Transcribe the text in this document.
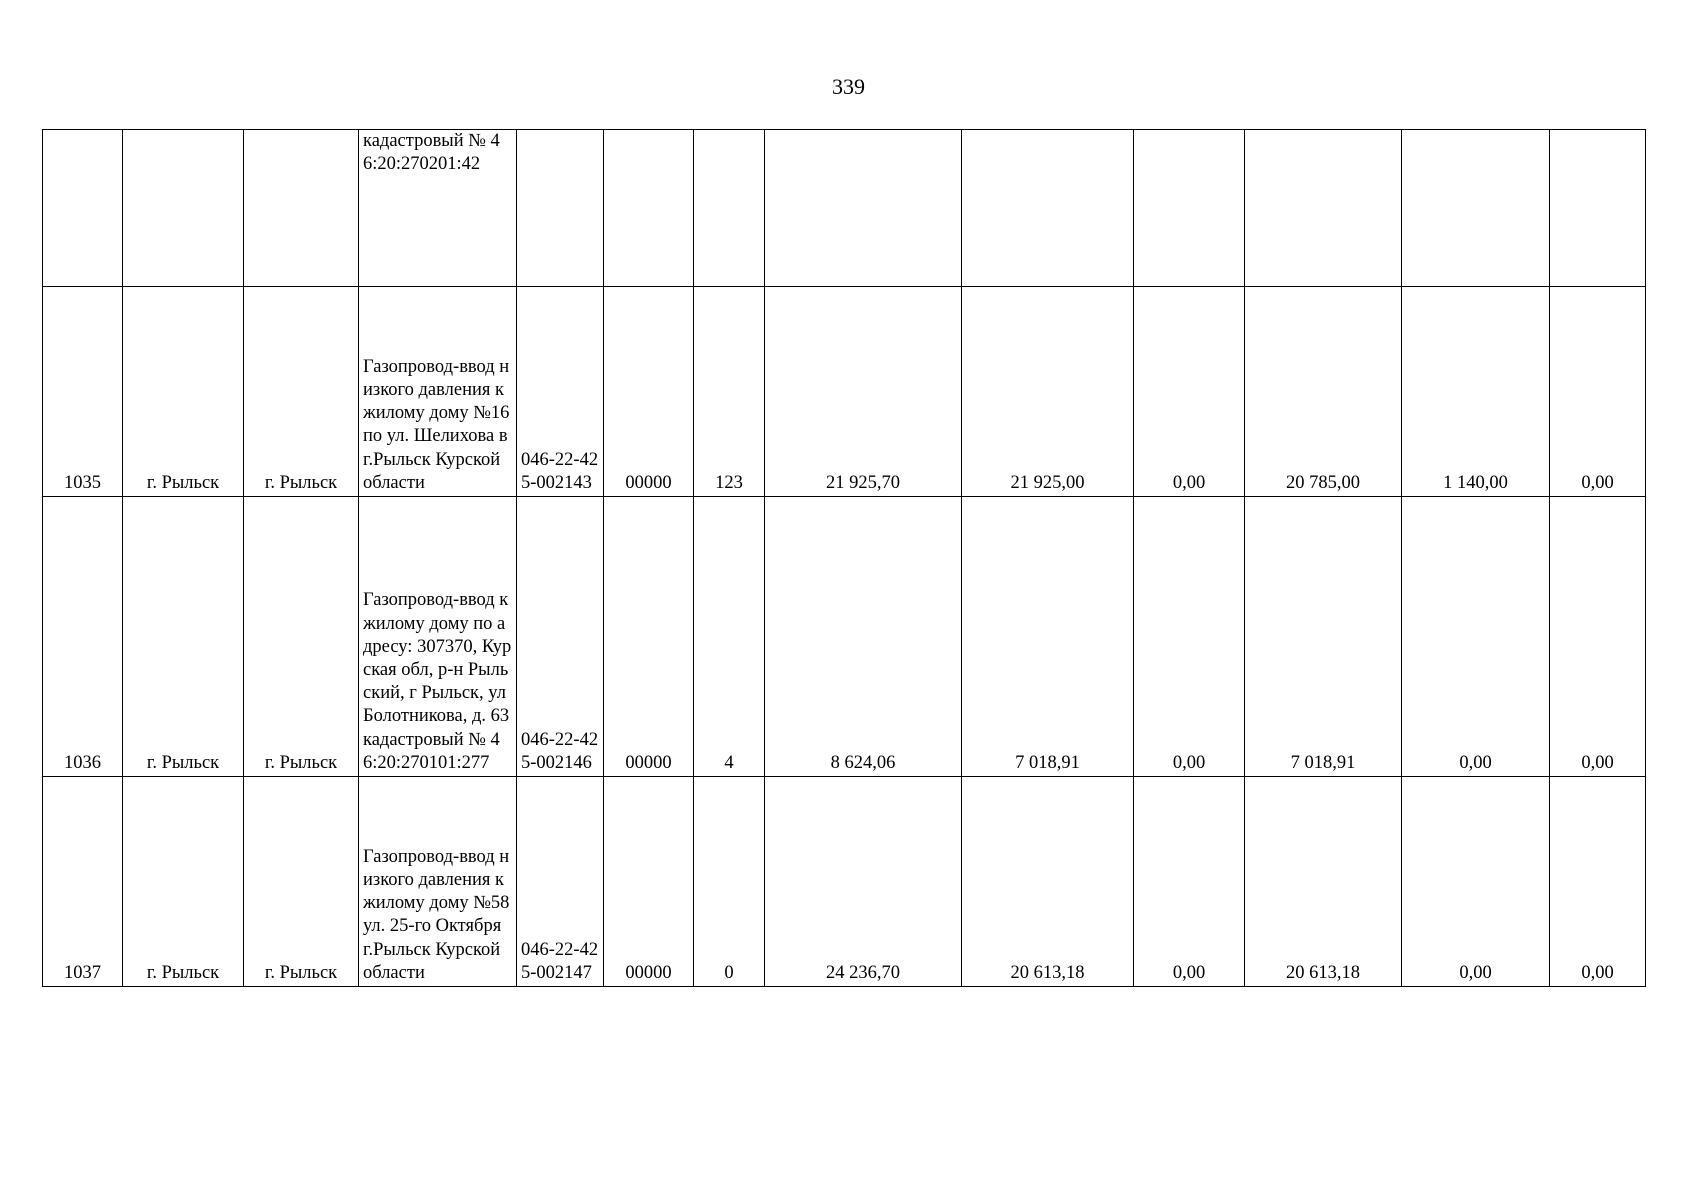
339
			кадастровый № 46:20:270201:42									
1035	г. Рыльск	г. Рыльск	Газопровод-ввод низкого давления к жилому дому №16 по ул. Шелихова в г.Рыльск Курской области	046-22-425-002143	00000	123	21 925,70	21 925,00	0,00	20 785,00	1 140,00	0,00
1036	г. Рыльск	г. Рыльск	Газопровод-ввод к жилому дому по адресу: 307370, Курская обл, р-н Рыльский, г Рыльск, ул Болотникова, д. 63 кадастровый № 46:20:270101:277	046-22-425-002146	00000	4	8 624,06	7 018,91	0,00	7 018,91	0,00	0,00
1037	г. Рыльск	г. Рыльск	Газопровод-ввод низкого давления к жилому дому №58 ул. 25-го Октября г.Рыльск Курской области	046-22-425-002147	00000	0	24 236,70	20 613,18	0,00	20 613,18	0,00	0,00
